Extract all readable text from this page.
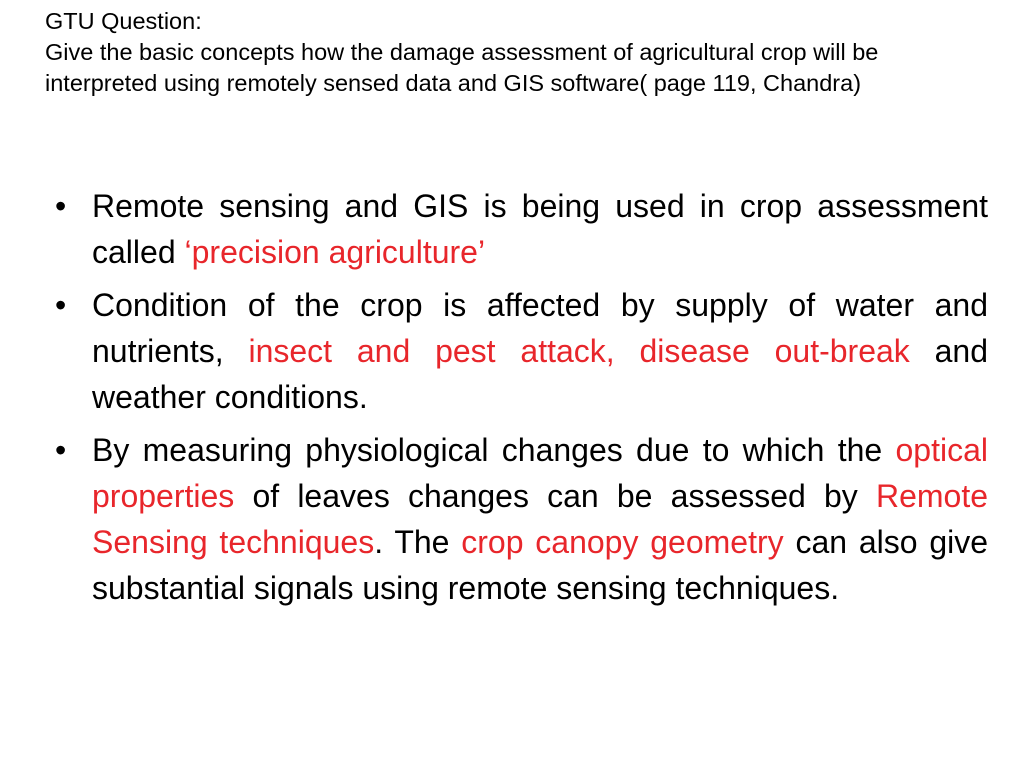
GTU Question:
Give the basic concepts how the damage assessment of agricultural crop will be interpreted using remotely sensed data and GIS software( page 119, Chandra)
• Remote sensing and GIS is being used in crop assessment called ‘precision agriculture’
• Condition of the crop is affected by supply of water and nutrients, insect and pest attack, disease out-break and weather conditions.
• By measuring physiological changes due to which the optical properties of leaves changes can be assessed by Remote Sensing techniques. The crop canopy geometry can also give substantial signals using remote sensing techniques.
